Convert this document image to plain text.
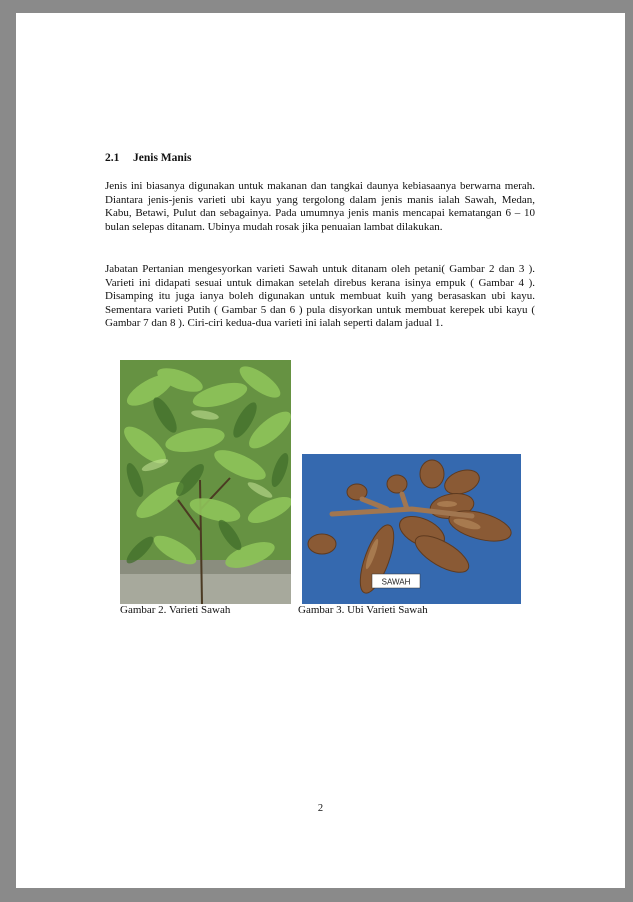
2.1 Jenis Manis

Jenis ini biasanya digunakan untuk makanan dan tangkai daunya kebiasaanya berwarna merah. Diantara jenis-jenis varieti ubi kayu yang tergolong dalam jenis manis ialah Sawah, Medan, Kabu, Betawi, Pulut dan sebagainya. Pada umumnya jenis manis mencapai kematangan 6 – 10 bulan selepas ditanam. Ubinya mudah rosak jika penuaian lambat dilakukan.

Jabatan Pertanian mengesyorkan varieti Sawah untuk ditanam oleh petani( Gambar 2 dan 3 ). Varieti ini didapati sesuai untuk dimakan setelah direbus kerana isinya empuk ( Gambar 4 ). Disamping itu juga ianya boleh digunakan untuk membuat kuih yang berasaskan ubi kayu. Sementara varieti Putih ( Gambar 5 dan 6 ) pula disyorkan untuk membuat kerepek ubi kayu ( Gambar 7 dan 8 ). Ciri-ciri kedua-dua varieti ini ialah seperti dalam jadual 1.

SAWAH
Gambar 2. Varieti Sawah	Gambar 3. Ubi Varieti Sawah
2
